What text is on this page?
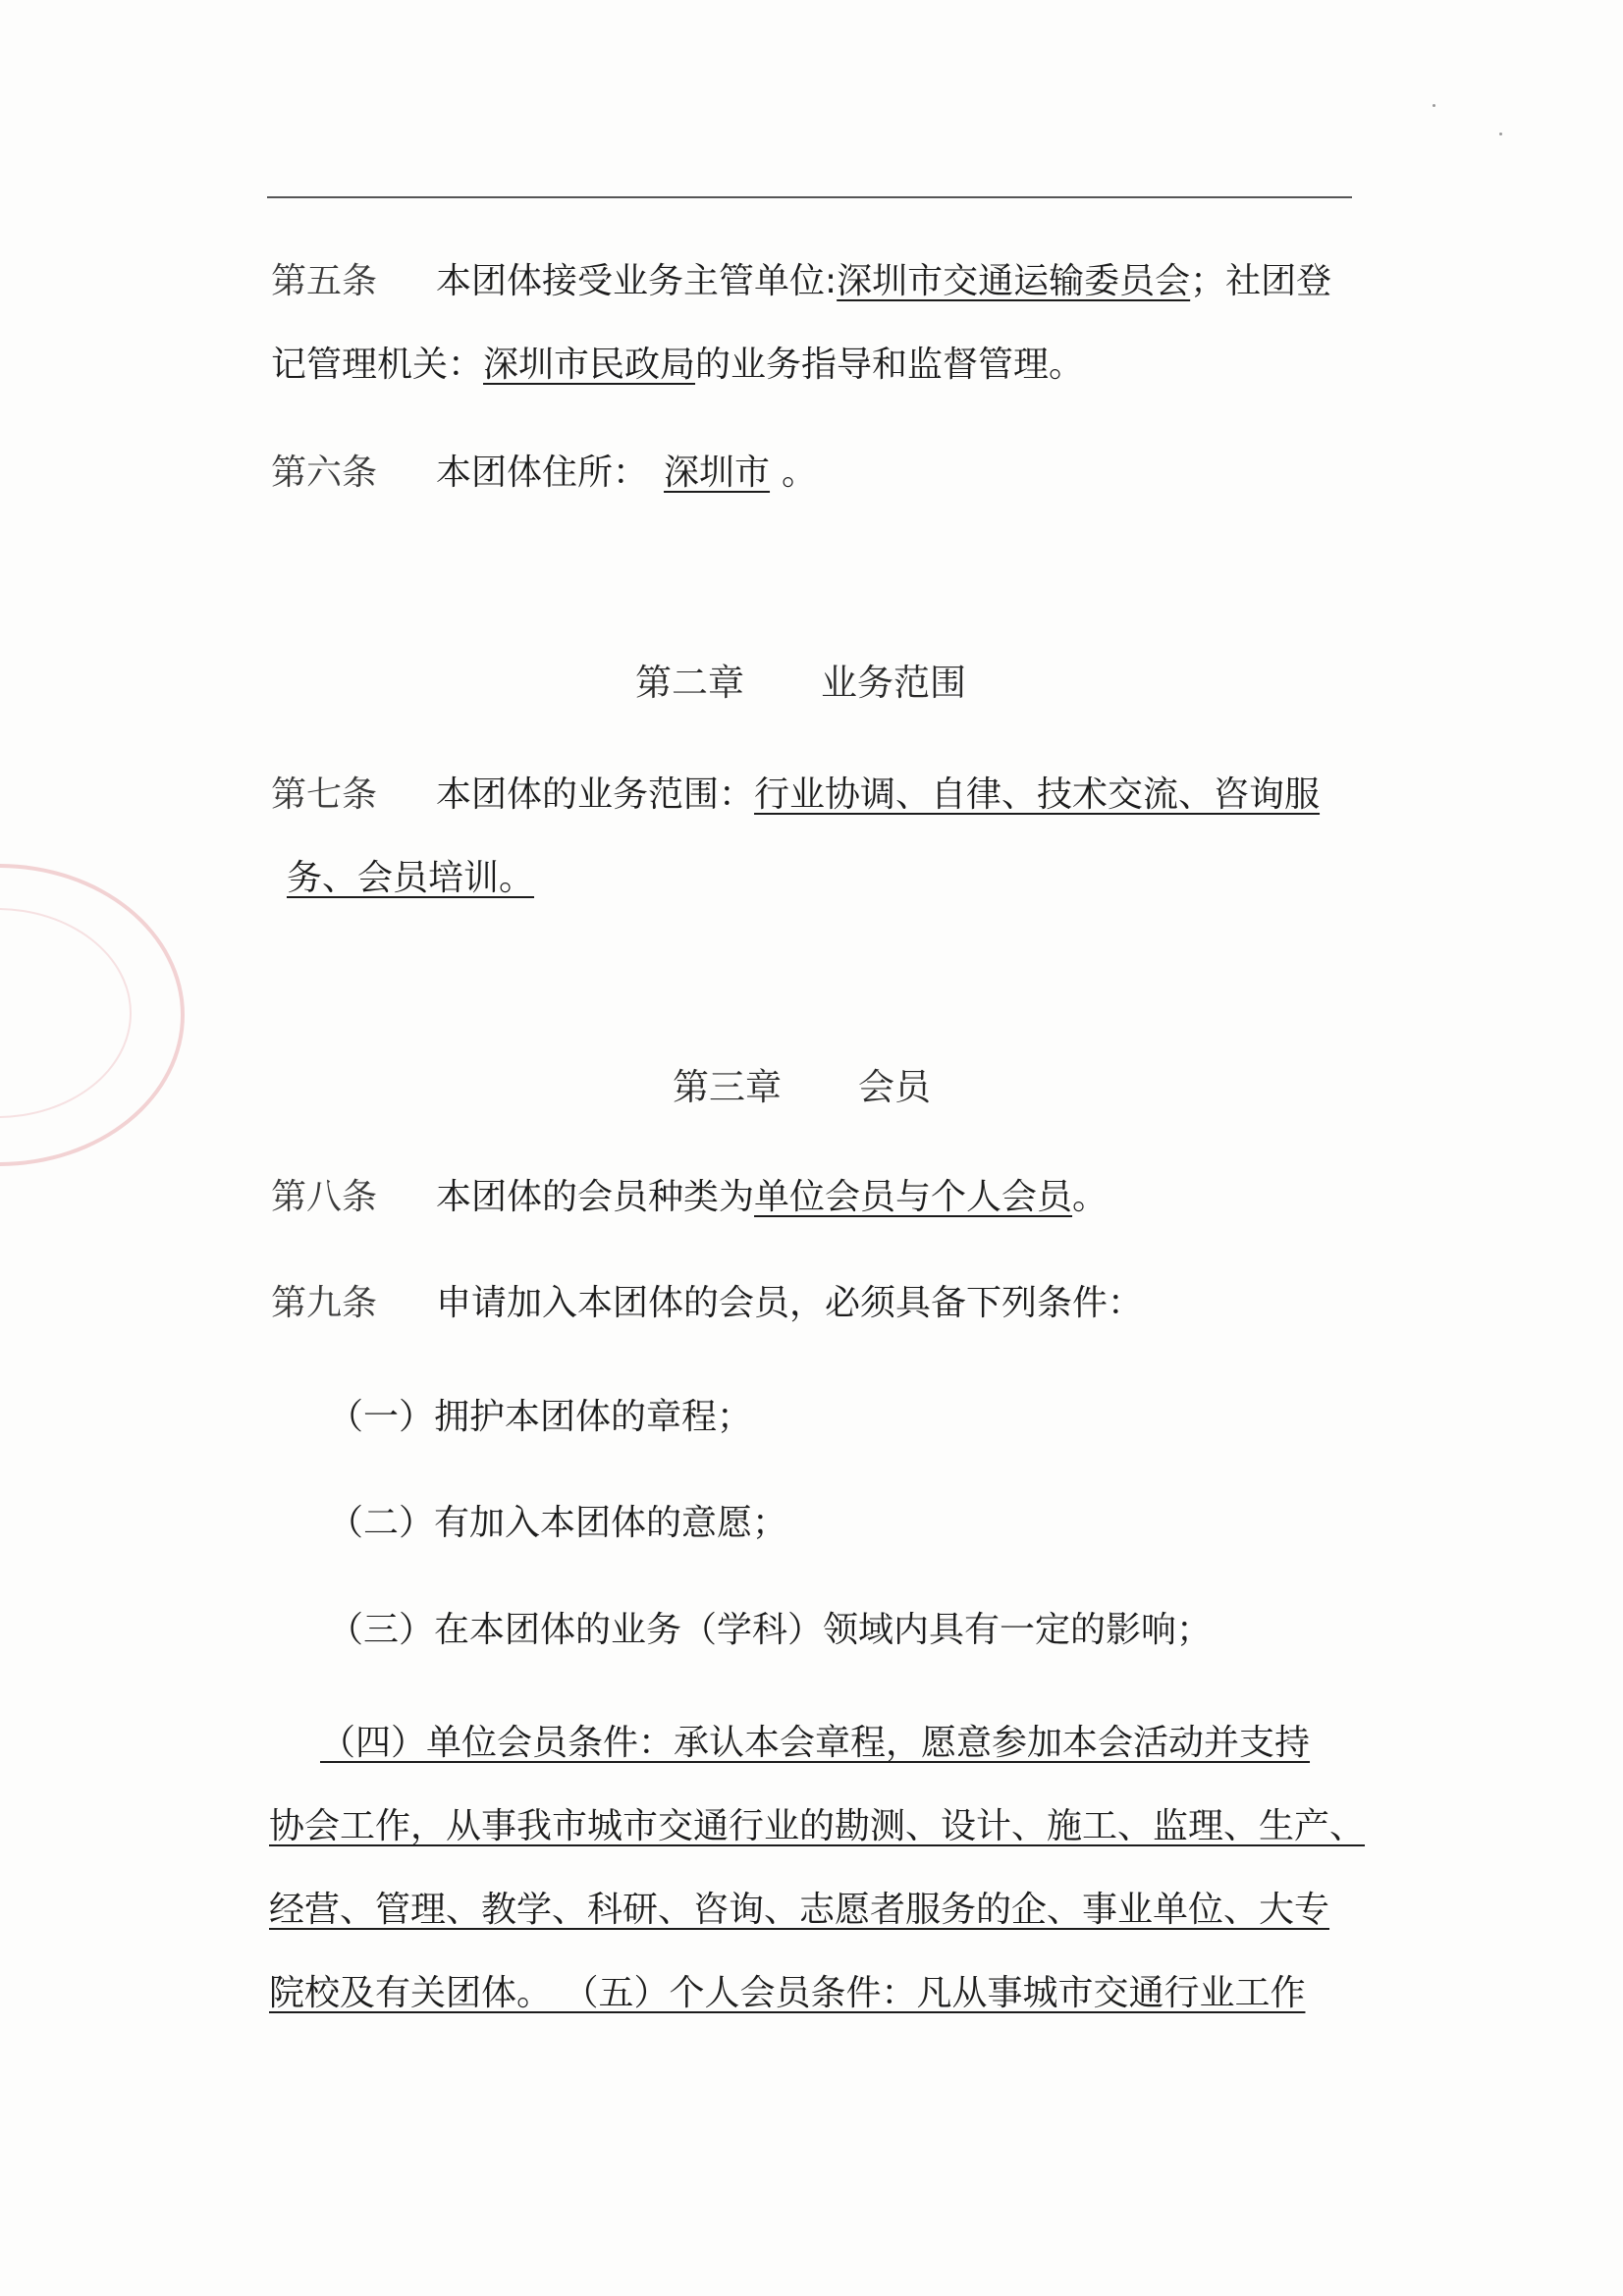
第五条 本团体接受业务主管单位:深圳市交通运输委员会；社团登
记管理机关：深圳市民政局的业务指导和监督管理。
第六条 本团体住所： 深圳市 。
第二章 业务范围
第七条 本团体的业务范围：行业协调、自律、技术交流、咨询服
务、会员培训。
第三章 会员
第八条 本团体的会员种类为单位会员与个人会员。
第九条 申请加入本团体的会员，必须具备下列条件：
（一）拥护本团体的章程；
（二）有加入本团体的意愿；
（三）在本团体的业务（学科）领域内具有一定的影响；
（四）单位会员条件：承认本会章程，愿意参加本会活动并支持
协会工作，从事我市城市交通行业的勘测、设计、施工、监理、生产、
经营、管理、教学、科研、咨询、志愿者服务的企、事业单位、大专
院校及有关团体。 （五）个人会员条件：凡从事城市交通行业工作
